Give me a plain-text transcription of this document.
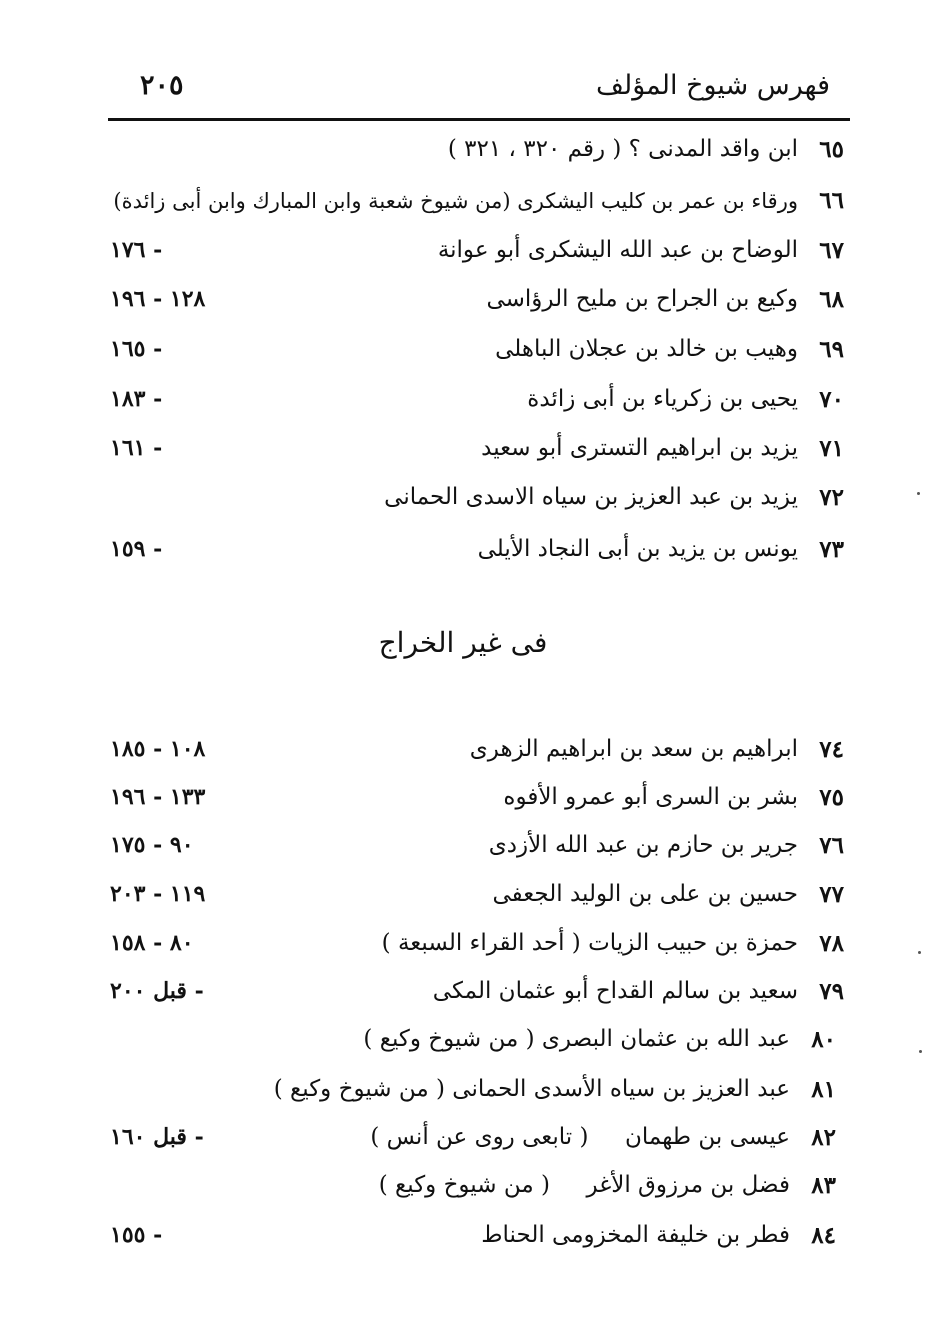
فهرس شيوخ المؤلف
٢٠٥
٦٥
ابن واقد المدنی ؟ ( رقم ٣٢٠ ، ٣٢١ )
٦٦
ورقاء بن عمر بن كليب اليشكرى (من شيوخ شعبة وابن المبارك وابن أبى زائدة)
٦٧
الوضاح بن عبد الله اليشكرى أبو عوانة
- ١٧٦
٦٨
وكيع بن الجراح بن مليح الرؤاسى
١٢٨ - ١٩٦
٦٩
وهيب بن خالد بن عجلان الباهلى
- ١٦٥
٧٠
يحيى بن زكرياء بن أبى زائدة
- ١٨٣
٧١
يزيد بن ابراهيم التسترى أبو سعيد
- ١٦١
٧٢
يزيد بن عبد العزيز بن سياه الاسدى الحمانى
٧٣
يونس بن يزيد بن أبى النجاد الأيلى
- ١٥٩
فى غير الخراج
٧٤
ابراهيم بن سعد بن ابراهيم الزهرى
١٠٨ - ١٨٥
٧٥
بشر بن السرى أبو عمرو الأفوه
١٣٣ - ١٩٦
٧٦
جرير بن حازم بن عبد الله الأزدى
٩٠ - ١٧٥
٧٧
حسين بن على بن الوليد الجعفى
١١٩ - ٢٠٣
٧٨
حمزة بن حبيب الزيات ( أحد القراء السبعة )
٨٠ - ١٥٨
٧٩
سعيد بن سالم القداح أبو عثمان المكى
- قبل ٢٠٠
٨٠
عبد الله بن عثمان البصرى ( من شيوخ وكيع )
٨١
عبد العزيز بن سياه الأسدى الحمانى ( من شيوخ وكيع )
٨٢
عيسى بن طهمان     ( تابعى روى عن أنس )
- قبل ١٦٠
٨٣
فضل بن مرزوق الأغر     ( من شيوخ وكيع )
٨٤
فطر بن خليفة المخزومى الحناط
- ١٥٥
